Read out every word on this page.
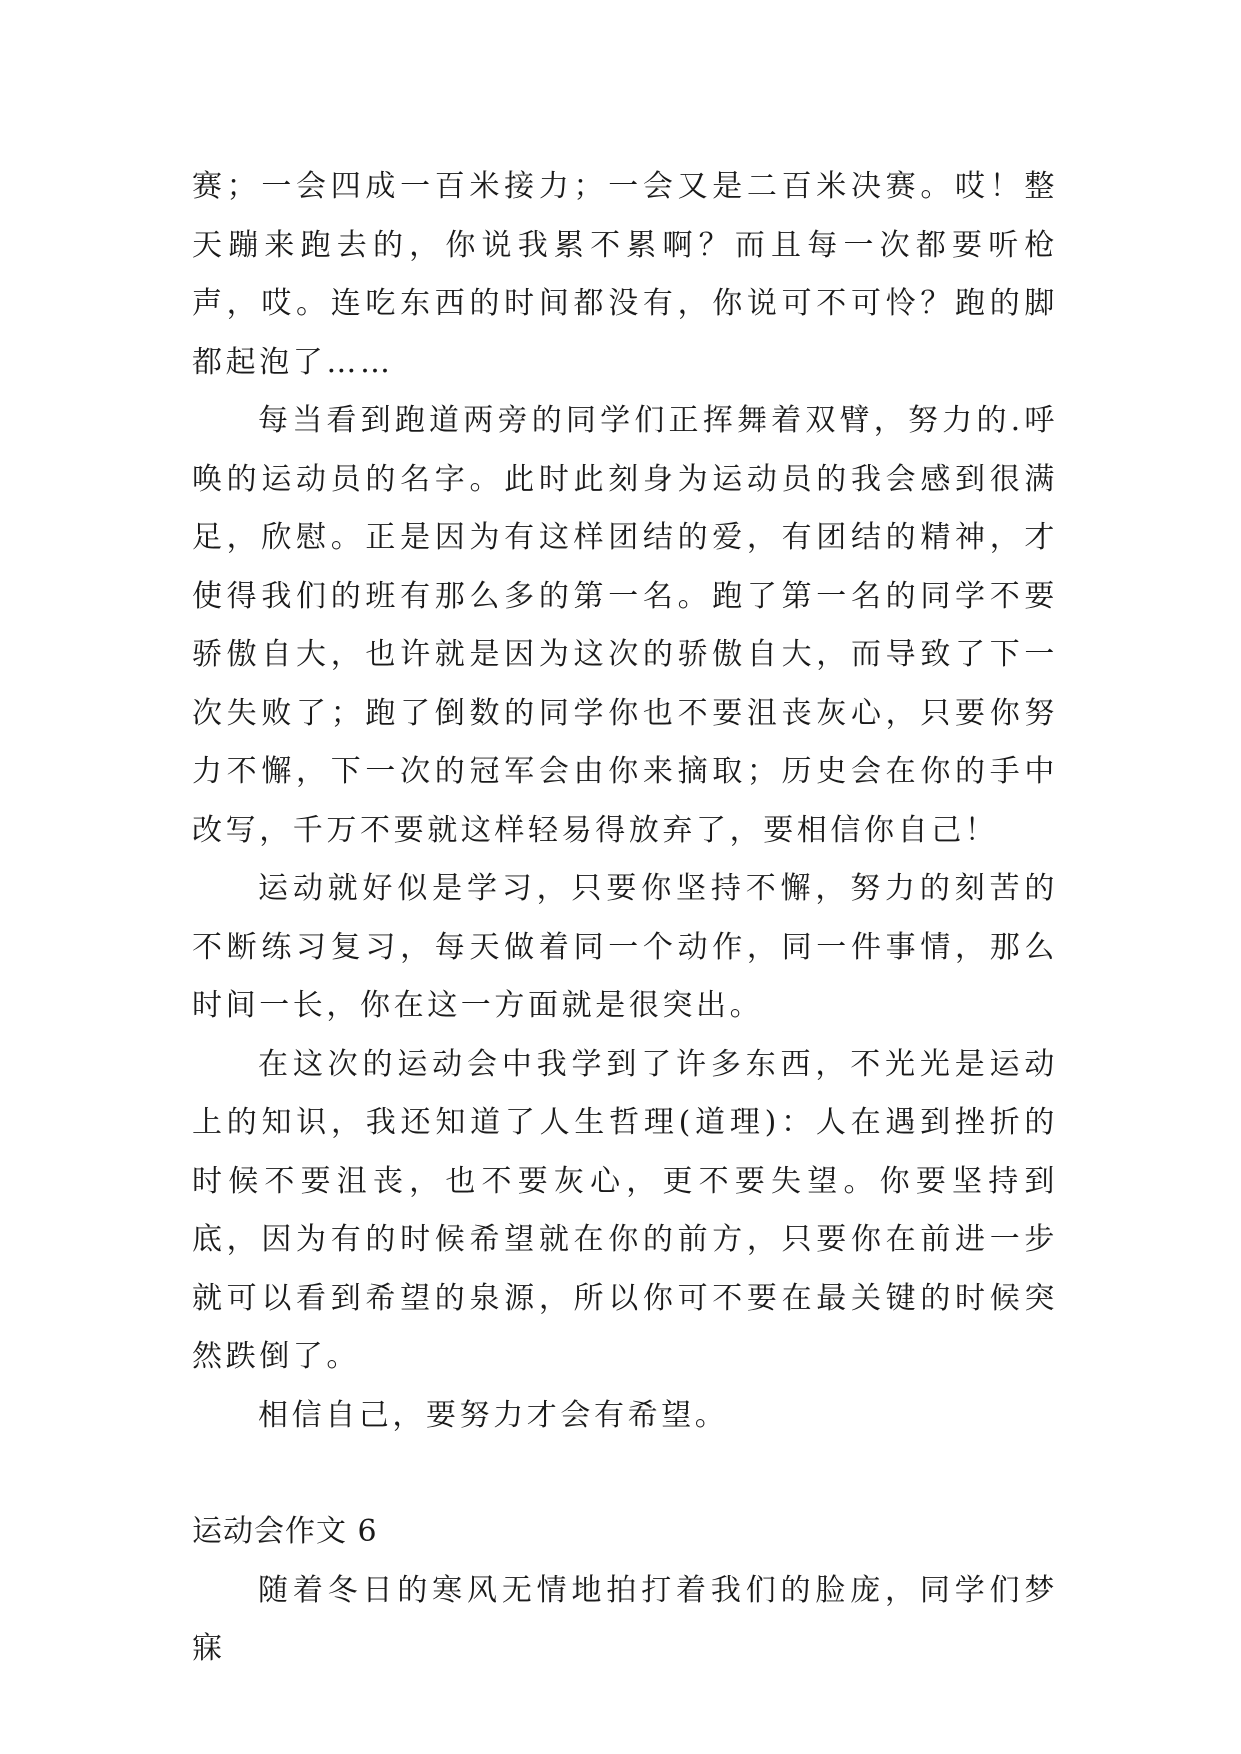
赛；一会四成一百米接力；一会又是二百米决赛。哎！整天蹦来跑去的，你说我累不累啊？而且每一次都要听枪声，哎。连吃东西的时间都没有，你说可不可怜？跑的脚都起泡了……

每当看到跑道两旁的同学们正挥舞着双臂，努力的.呼唤的运动员的名字。此时此刻身为运动员的我会感到很满足，欣慰。正是因为有这样团结的爱，有团结的精神，才使得我们的班有那么多的第一名。跑了第一名的同学不要骄傲自大，也许就是因为这次的骄傲自大，而导致了下一次失败了；跑了倒数的同学你也不要沮丧灰心，只要你努力不懈，下一次的冠军会由你来摘取；历史会在你的手中改写，千万不要就这样轻易得放弃了，要相信你自己！

运动就好似是学习，只要你坚持不懈，努力的刻苦的不断练习复习，每天做着同一个动作，同一件事情，那么时间一长，你在这一方面就是很突出。

在这次的运动会中我学到了许多东西，不光光是运动上的知识，我还知道了人生哲理(道理)：人在遇到挫折的时候不要沮丧，也不要灰心，更不要失望。你要坚持到底，因为有的时候希望就在你的前方，只要你在前进一步就可以看到希望的泉源，所以你可不要在最关键的时候突然跌倒了。

相信自己，要努力才会有希望。

运动会作文 6

随着冬日的寒风无情地拍打着我们的脸庞，同学们梦寐
